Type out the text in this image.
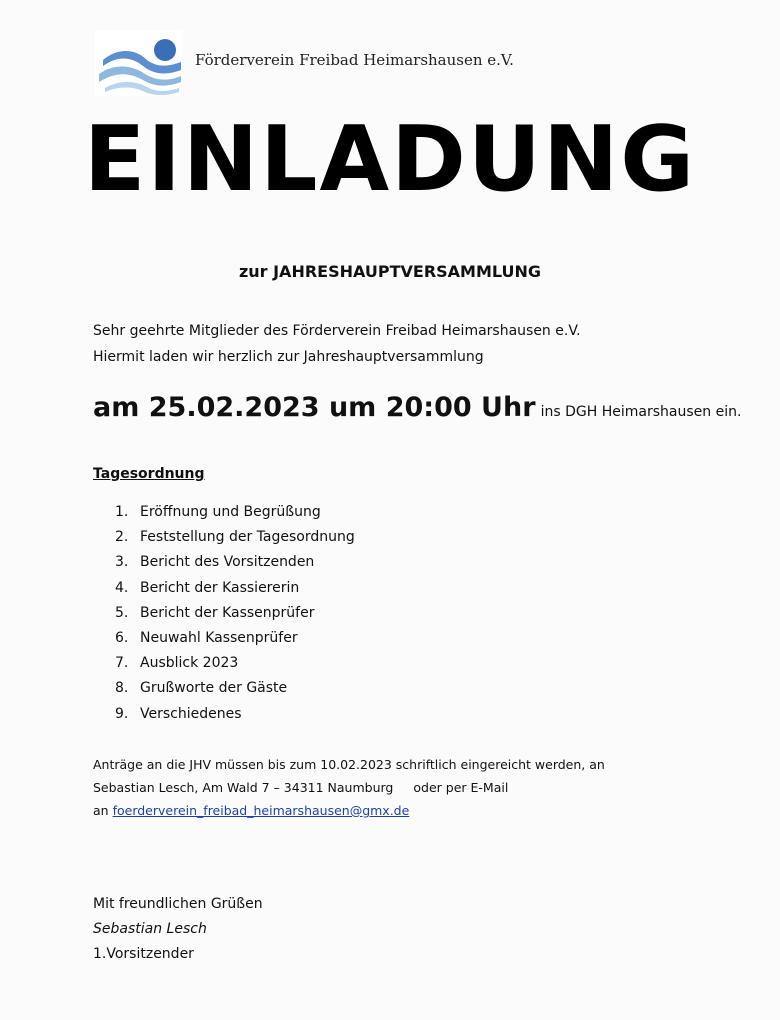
Förderverein Freibad Heimarshausen e.V.
EINLADUNG
zur JAHRESHAUPTVERSAMMLUNG
Sehr geehrte Mitglieder des Förderverein Freibad Heimarshausen e.V.
Hiermit laden wir herzlich zur Jahreshauptversammlung
am 25.02.2023 um 20:00 Uhr ins DGH Heimarshausen ein.
Tagesordnung
1. Eröffnung und Begrüßung
2. Feststellung der Tagesordnung
3. Bericht des Vorsitzenden
4. Bericht der Kassiererin
5. Bericht der Kassenprüfer
6. Neuwahl Kassenprüfer
7. Ausblick 2023
8. Grußworte der Gäste
9. Verschiedenes
Anträge an die JHV müssen bis zum 10.02.2023 schriftlich eingereicht werden, an
Sebastian Lesch, Am Wald 7 – 34311 Naumburg oder per E-Mail
an foerderverein_freibad_heimarshausen@gmx.de
Mit freundlichen Grüßen
Sebastian Lesch
1.Vorsitzender
